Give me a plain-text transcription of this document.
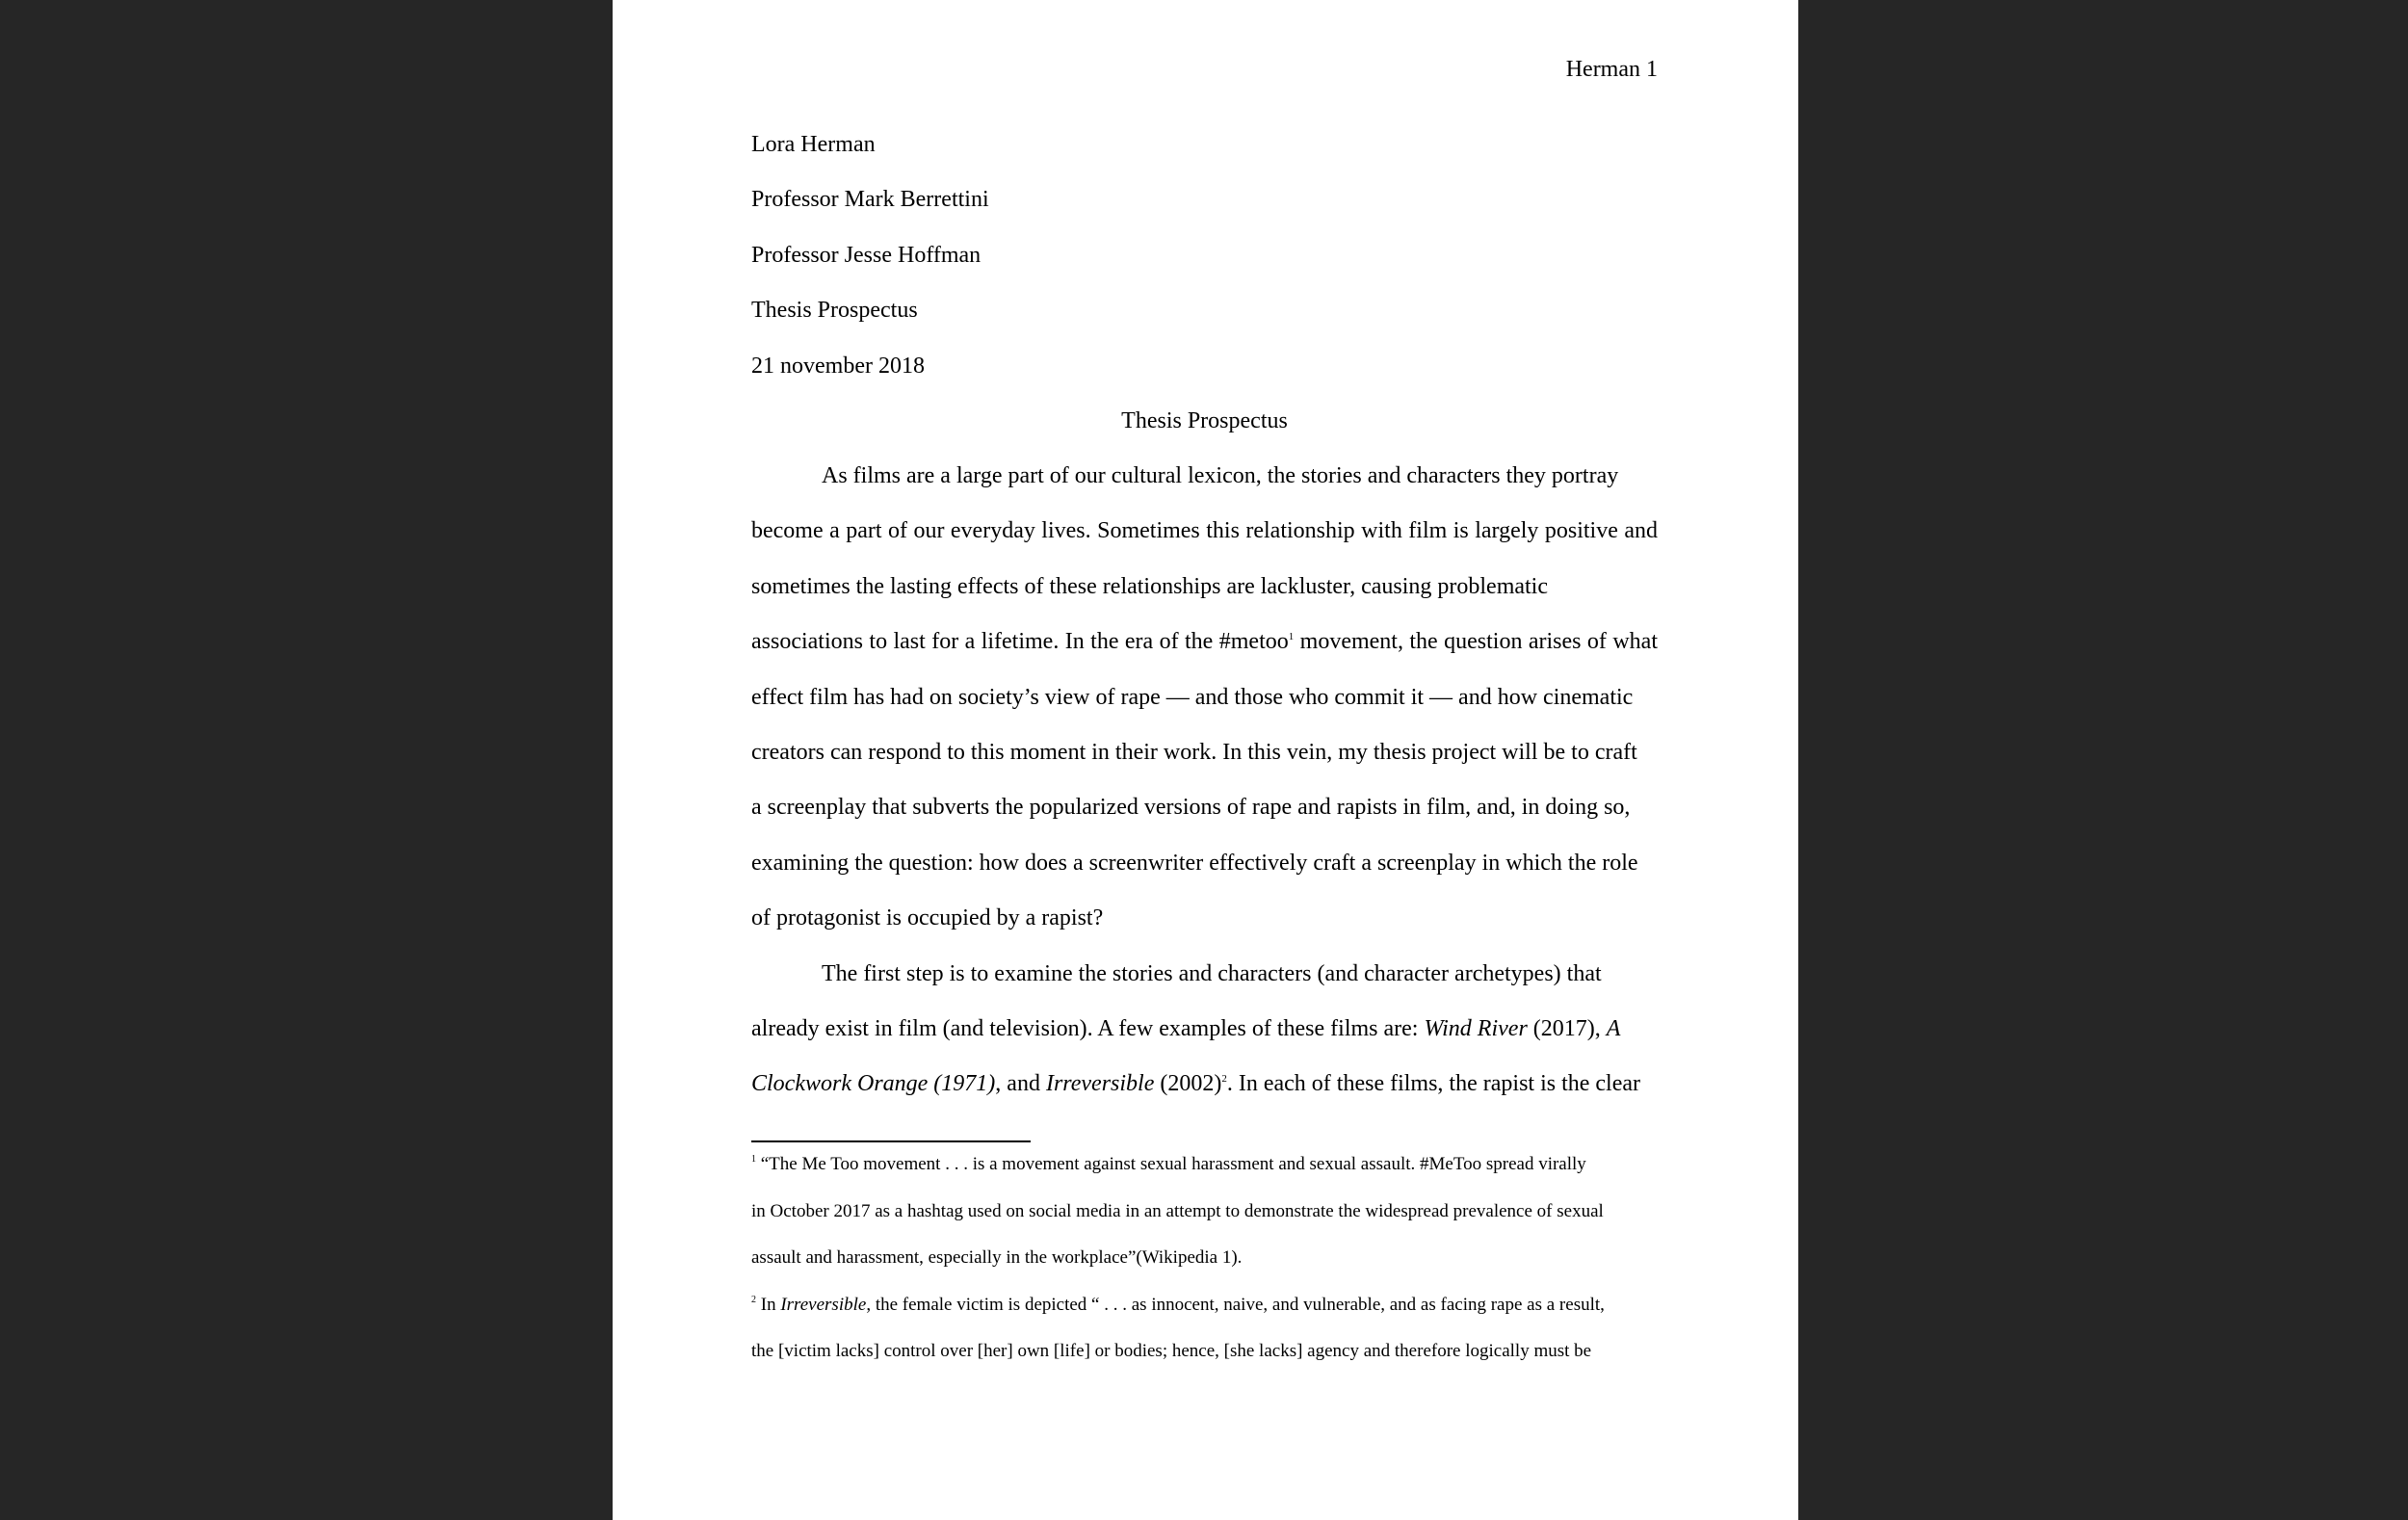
Herman 1
Lora Herman
Professor Mark Berrettini
Professor Jesse Hoffman
Thesis Prospectus
21 november 2018
Thesis Prospectus
As films are a large part of our cultural lexicon, the stories and characters they portray
become a part of our everyday lives. Sometimes this relationship with film is largely positive and
sometimes the lasting effects of these relationships are lackluster, causing problematic
associations to last for a lifetime. In the era of the #metoo$^1$ movement, the question arises of what
effect film has had on society’s view of rape — and those who commit it — and how cinematic
creators can respond to this moment in their work. In this vein, my thesis project will be to craft
a screenplay that subverts the popularized versions of rape and rapists in film, and, in doing so,
examining the question: how does a screenwriter effectively craft a screenplay in which the role
of protagonist is occupied by a rapist?
The first step is to examine the stories and characters (and character archetypes) that
already exist in film (and television). A few examples of these films are: Wind River (2017), A
Clockwork Orange (1971), and Irreversible $(2002)^2$. In each of these films, the rapist is the clear
$^1$ “The Me Too movement . . . is a movement against sexual harassment and sexual assault. #MeToo spread virally
in October 2017 as a hashtag used on social media in an attempt to demonstrate the widespread prevalence of sexual
assault and harassment, especially in the workplace”(Wikipedia 1).
$^2$ In Irreversible, the female victim is depicted “ . . . as innocent, naive, and vulnerable, and as facing rape as a result,
the [victim lacks] control over [her] own [life] or bodies; hence, [she lacks] agency and therefore logically must be
